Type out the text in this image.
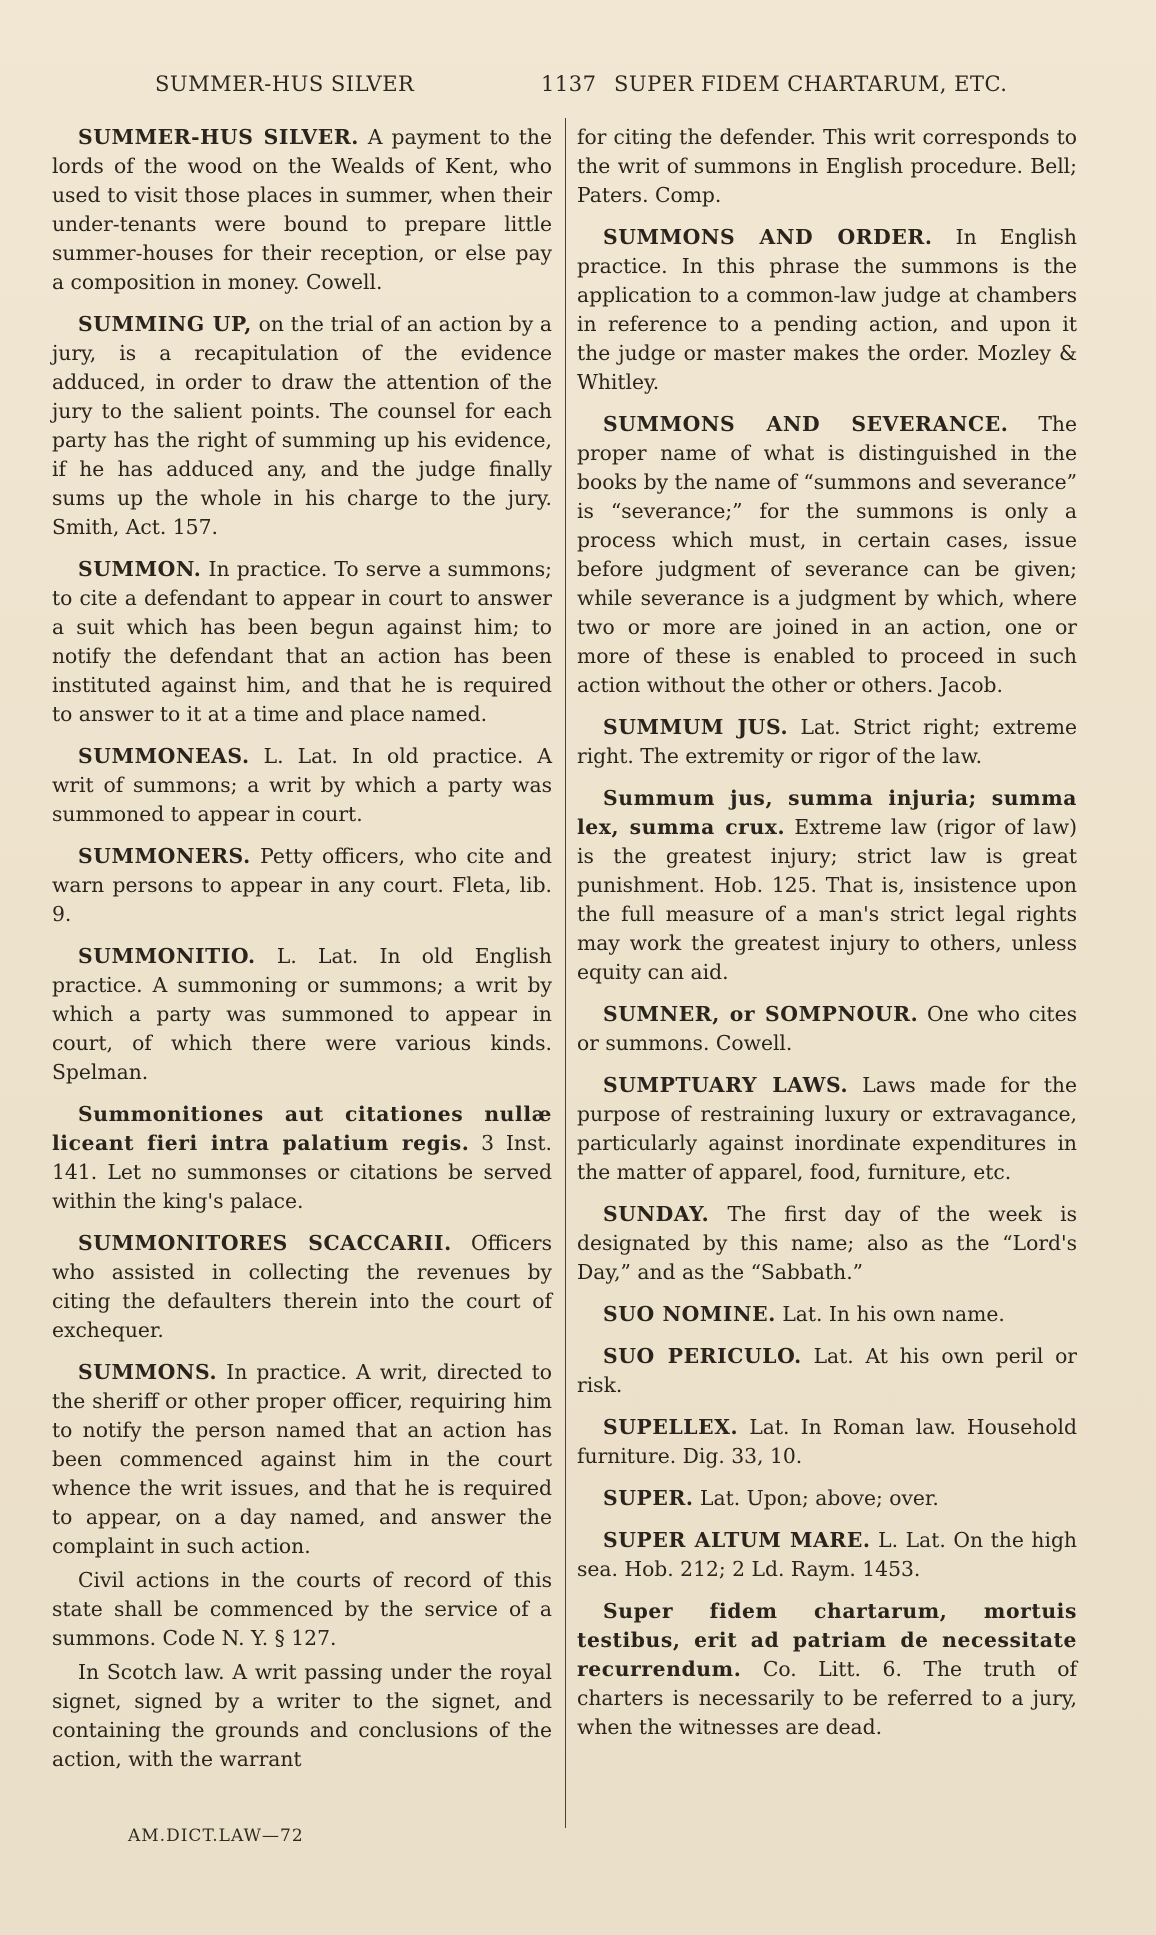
SUMMER-HUS SILVER	1137 SUPER FIDEM CHARTARUM, ETC.

SUMMER-HUS SILVER. A payment to the lords of the wood on the Wealds of Kent, who used to visit those places in summer, when their under-tenants were bound to prepare little summer-houses for their reception, or else pay a composition in money. Cowell.

SUMMING UP, on the trial of an action by a jury, is a recapitulation of the evidence adduced, in order to draw the attention of the jury to the salient points. The counsel for each party has the right of summing up his evidence, if he has adduced any, and the judge finally sums up the whole in his charge to the jury. Smith, Act. 157.

SUMMON. In practice. To serve a summons; to cite a defendant to appear in court to answer a suit which has been begun against him; to notify the defendant that an action has been instituted against him, and that he is required to answer to it at a time and place named.

SUMMONEAS. L. Lat. In old practice. A writ of summons; a writ by which a party was summoned to appear in court.

SUMMONERS. Petty officers, who cite and warn persons to appear in any court. Fleta, lib. 9.

SUMMONITIO. L. Lat. In old English practice. A summoning or summons; a writ by which a party was summoned to appear in court, of which there were various kinds. Spelman.

Summonitiones aut citationes nullæ liceant fieri intra palatium regis. 3 Inst. 141. Let no summonses or citations be served within the king's palace.

SUMMONITORES SCACCARII. Officers who assisted in collecting the revenues by citing the defaulters therein into the court of exchequer.

SUMMONS. In practice. A writ, directed to the sheriff or other proper officer, requiring him to notify the person named that an action has been commenced against him in the court whence the writ issues, and that he is required to appear, on a day named, and answer the complaint in such action.

Civil actions in the courts of record of this state shall be commenced by the service of a summons. Code N. Y. § 127.

In Scotch law. A writ passing under the royal signet, signed by a writer to the signet, and containing the grounds and conclusions of the action, with the warrant

for citing the defender. This writ corresponds to the writ of summons in English procedure. Bell; Paters. Comp.

SUMMONS AND ORDER. In English practice. In this phrase the summons is the application to a common-law judge at chambers in reference to a pending action, and upon it the judge or master makes the order. Mozley & Whitley.

SUMMONS AND SEVERANCE. The proper name of what is distinguished in the books by the name of “summons and severance” is “severance;” for the summons is only a process which must, in certain cases, issue before judgment of severance can be given; while severance is a judgment by which, where two or more are joined in an action, one or more of these is enabled to proceed in such action without the other or others. Jacob.

SUMMUM JUS. Lat. Strict right; extreme right. The extremity or rigor of the law.

Summum jus, summa injuria; summa lex, summa crux. Extreme law (rigor of law) is the greatest injury; strict law is great punishment. Hob. 125. That is, insistence upon the full measure of a man's strict legal rights may work the greatest injury to others, unless equity can aid.

SUMNER, or SOMPNOUR. One who cites or summons. Cowell.

SUMPTUARY LAWS. Laws made for the purpose of restraining luxury or extravagance, particularly against inordinate expenditures in the matter of apparel, food, furniture, etc.

SUNDAY. The first day of the week is designated by this name; also as the “Lord's Day,” and as the “Sabbath.”

SUO NOMINE. Lat. In his own name.

SUO PERICULO. Lat. At his own peril or risk.

SUPELLEX. Lat. In Roman law. Household furniture. Dig. 33, 10.

SUPER. Lat. Upon; above; over.

SUPER ALTUM MARE. L. Lat. On the high sea. Hob. 212; 2 Ld. Raym. 1453.

Super fidem chartarum, mortuis testibus, erit ad patriam de necessitate recurrendum. Co. Litt. 6. The truth of charters is necessarily to be referred to a jury, when the witnesses are dead.

AM.DICT.LAW—72
